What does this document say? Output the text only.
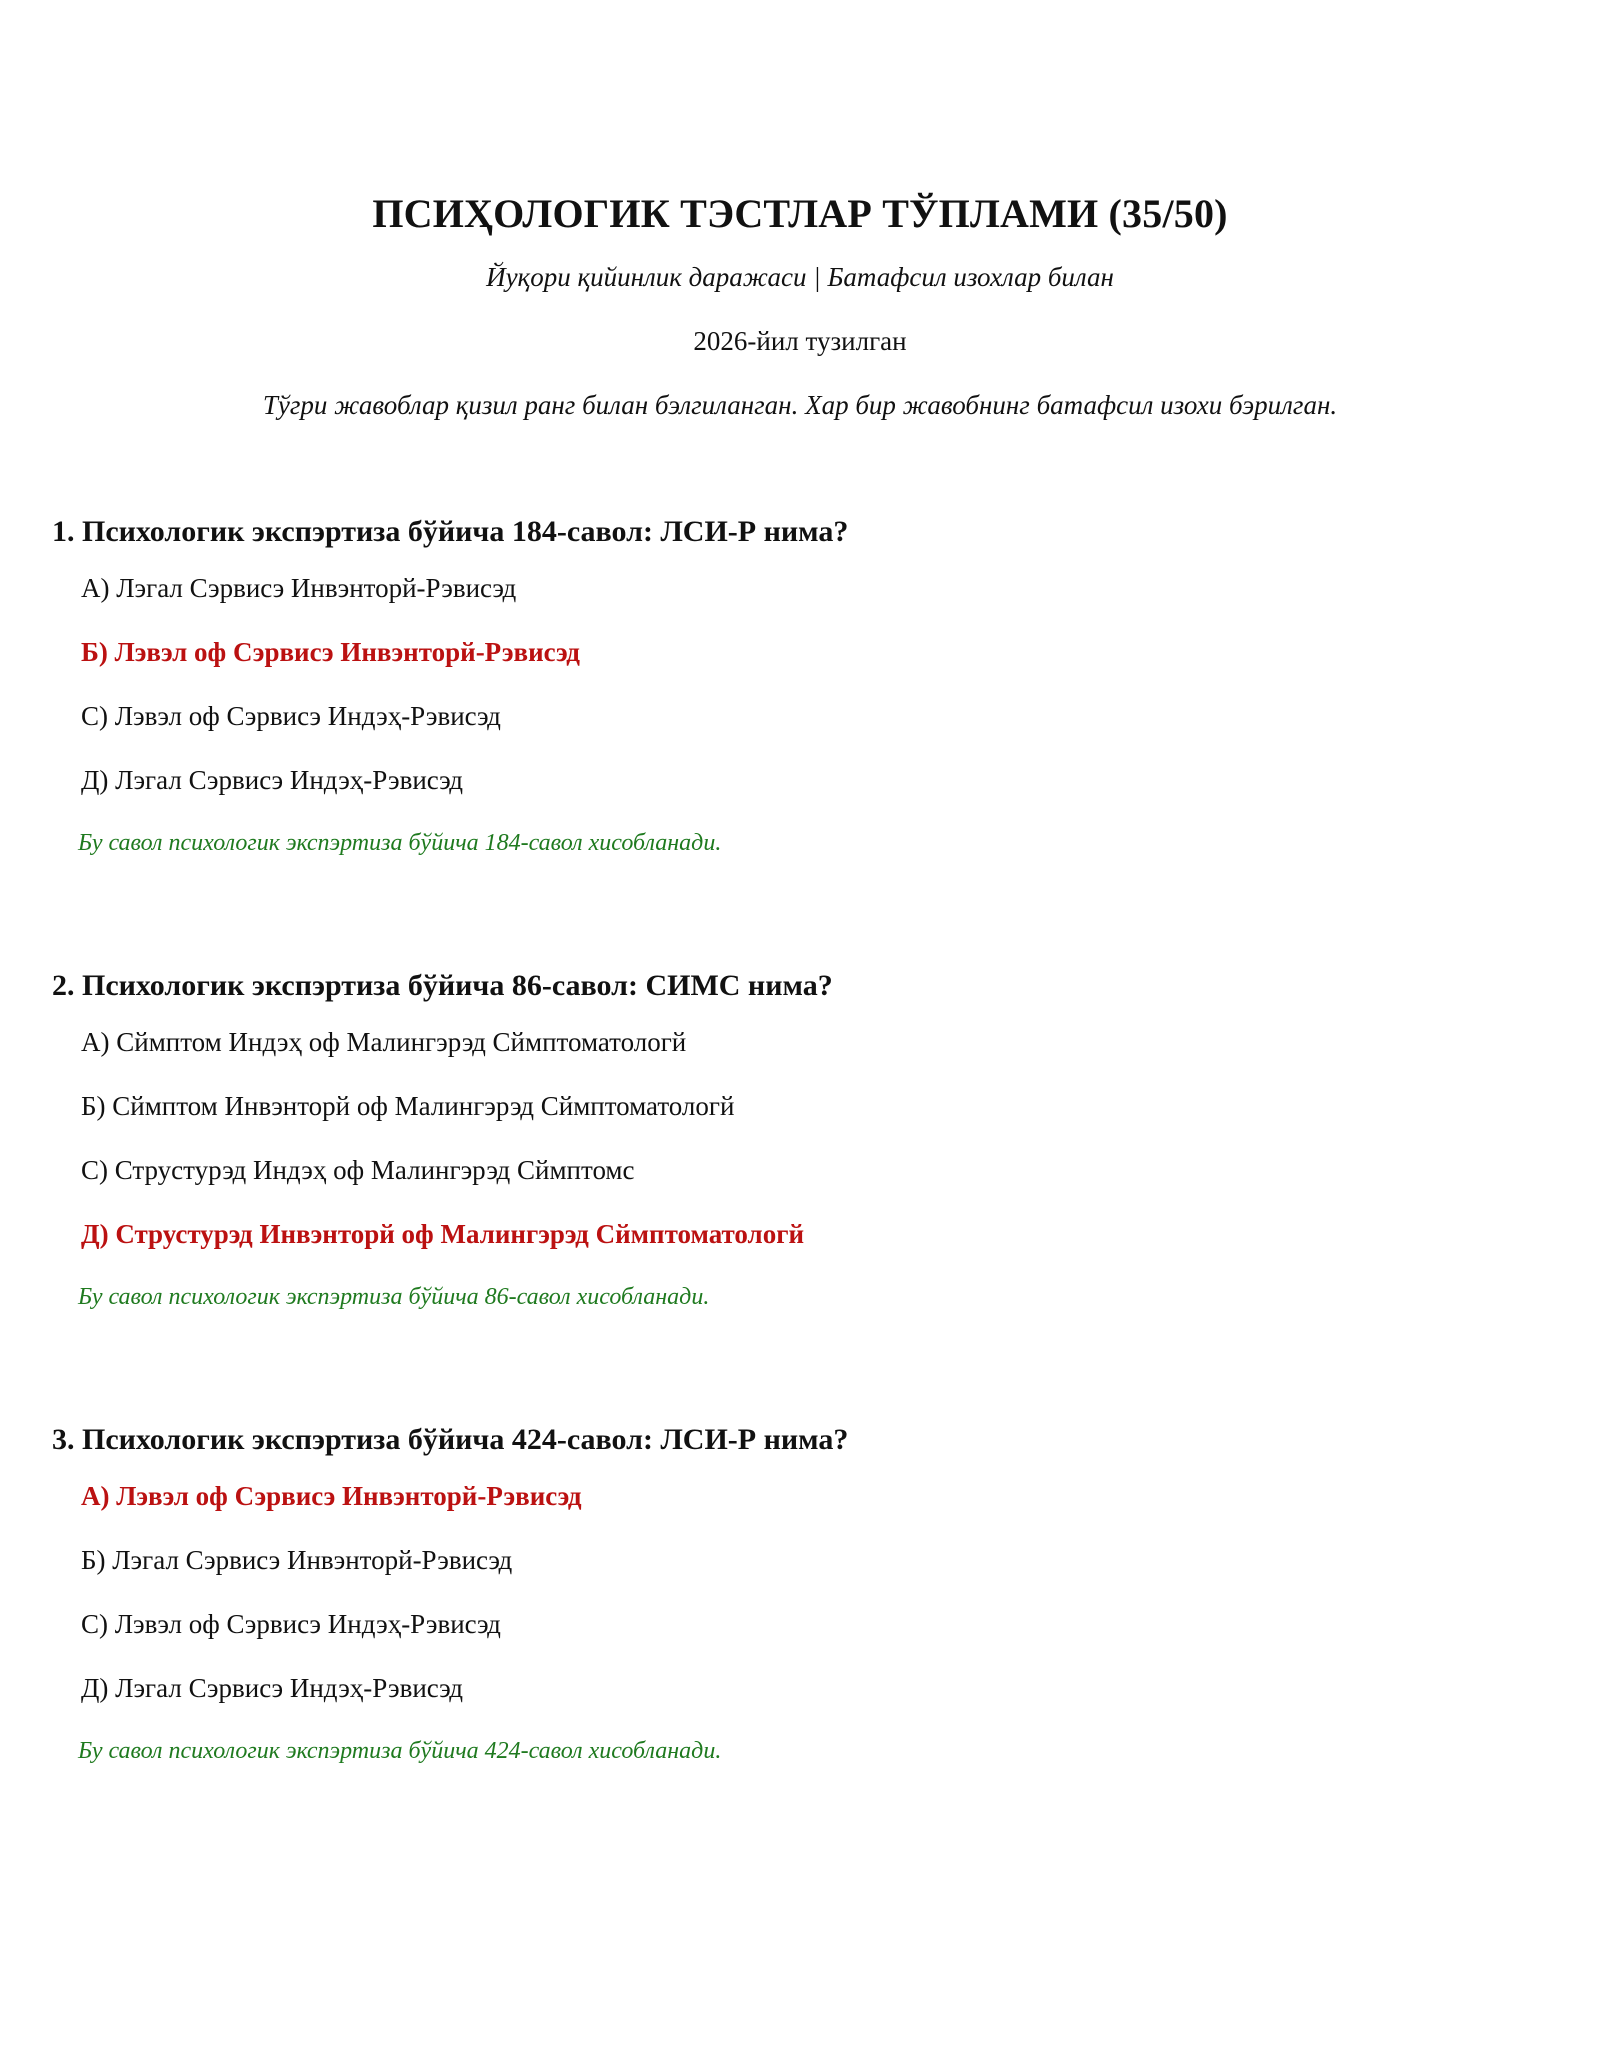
ПСИҲОЛОГИК ТЭСТЛАР ТЎПЛАМИ (35/50)
Йуқори қийинлик даражаси | Батафсил изохлар билан
2026-йил тузилган
Тўгри жавоблар қизил ранг билан бэлгиланган. Хар бир жавобнинг батафсил изохи бэрилган.
1. Психологик экспэртиза бўйича 184-савол: ЛСИ-Р нима?
А) Лэгал Сэрвисэ Инвэнторй-Рэвисэд
Б) Лэвэл оф Сэрвисэ Инвэнторй-Рэвисэд
С) Лэвэл оф Сэрвисэ Индэҳ-Рэвисэд
Д) Лэгал Сэрвисэ Индэҳ-Рэвисэд
Бу савол психологик экспэртиза бўйича 184-савол хисобланади.
2. Психологик экспэртиза бўйича 86-савол: СИМС нима?
А) Сймптом Индэҳ оф Малингэрэд Сймптоматологй
Б) Сймптом Инвэнторй оф Малингэрэд Сймптоматологй
С) Струстурэд Индэҳ оф Малингэрэд Сймптомс
Д) Струстурэд Инвэнторй оф Малингэрэд Сймптоматологй
Бу савол психологик экспэртиза бўйича 86-савол хисобланади.
3. Психологик экспэртиза бўйича 424-савол: ЛСИ-Р нима?
А) Лэвэл оф Сэрвисэ Инвэнторй-Рэвисэд
Б) Лэгал Сэрвисэ Инвэнторй-Рэвисэд
С) Лэвэл оф Сэрвисэ Индэҳ-Рэвисэд
Д) Лэгал Сэрвисэ Индэҳ-Рэвисэд
Бу савол психологик экспэртиза бўйича 424-савол хисобланади.
